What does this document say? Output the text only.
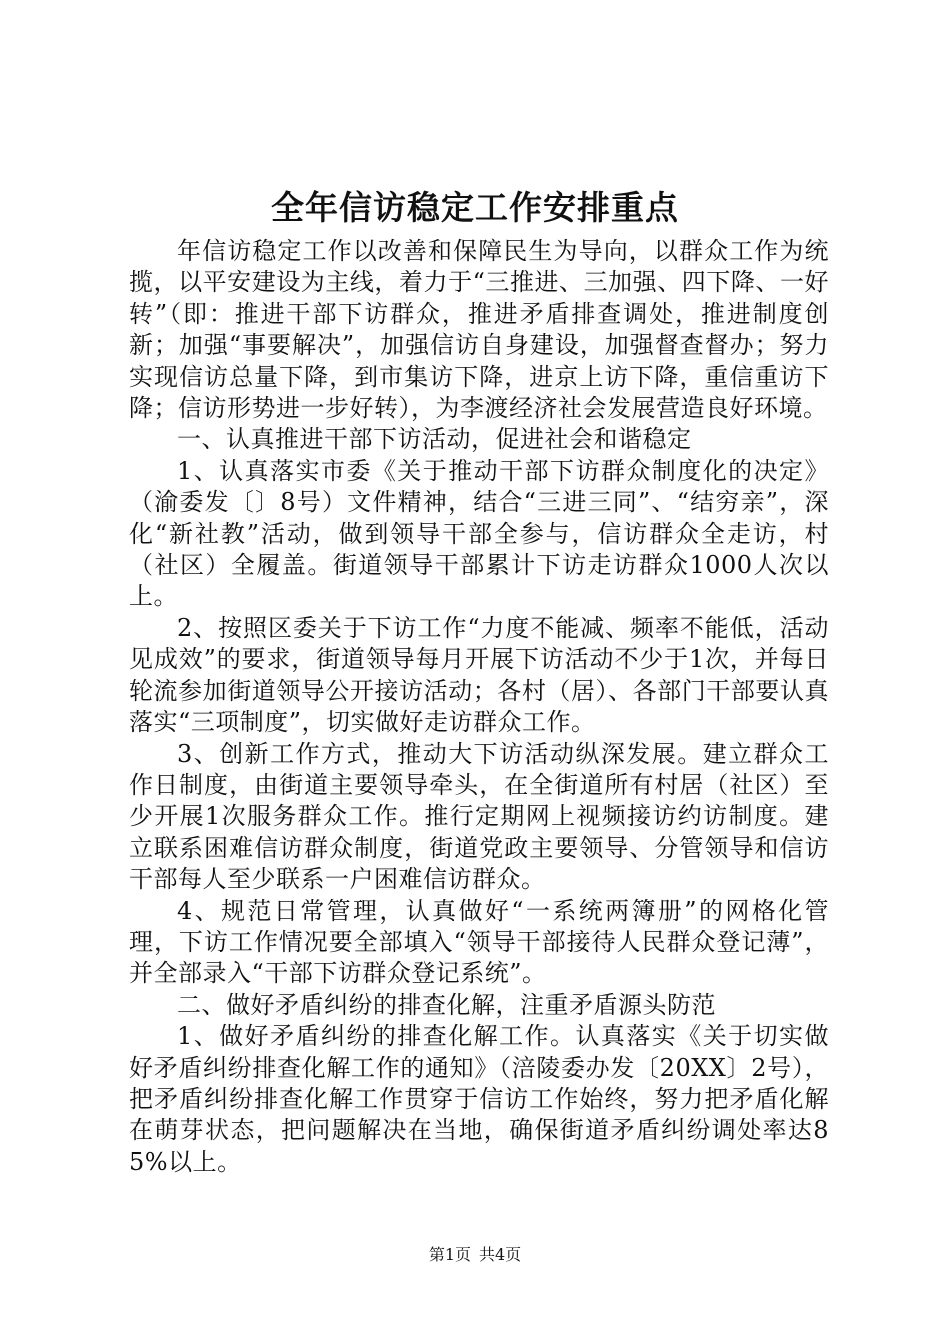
全年信访稳定工作安排重点

年信访稳定工作以改善和保障民生为导向，以群众工作为统揽，以平安建设为主线，着力于“三推进、三加强、四下降、一好转”（即：推进干部下访群众，推进矛盾排查调处，推进制度创新；加强“事要解决”，加强信访自身建设，加强督查督办；努力实现信访总量下降，到市集访下降，进京上访下降，重信重访下降；信访形势进一步好转），为李渡经济社会发展营造良好环境。

一、认真推进干部下访活动，促进社会和谐稳定

1、认真落实市委《关于推动干部下访群众制度化的决定》（渝委发〔〕8号）文件精神，结合“三进三同”、“结穷亲”，深化“新社教”活动，做到领导干部全参与，信访群众全走访，村（社区）全履盖。街道领导干部累计下访走访群众1000人次以上。

2、按照区委关于下访工作“力度不能减、频率不能低，活动见成效”的要求，街道领导每月开展下访活动不少于1次，并每日轮流参加街道领导公开接访活动；各村（居）、各部门干部要认真落实“三项制度”，切实做好走访群众工作。

3、创新工作方式，推动大下访活动纵深发展。建立群众工作日制度，由街道主要领导牵头，在全街道所有村居（社区）至少开展1次服务群众工作。推行定期网上视频接访约访制度。建立联系困难信访群众制度，街道党政主要领导、分管领导和信访干部每人至少联系一户困难信访群众。

4、规范日常管理，认真做好“一系统两簿册”的网格化管理，下访工作情况要全部填入“领导干部接待人民群众登记薄”，并全部录入“干部下访群众登记系统”。

二、做好矛盾纠纷的排查化解，注重矛盾源头防范

1、做好矛盾纠纷的排查化解工作。认真落实《关于切实做好矛盾纠纷排查化解工作的通知》（涪陵委办发〔20XX〕2号），把矛盾纠纷排查化解工作贯穿于信访工作始终，努力把矛盾化解在萌芽状态，把问题解决在当地，确保街道矛盾纠纷调处率达85%以上。

第1页 共4页
